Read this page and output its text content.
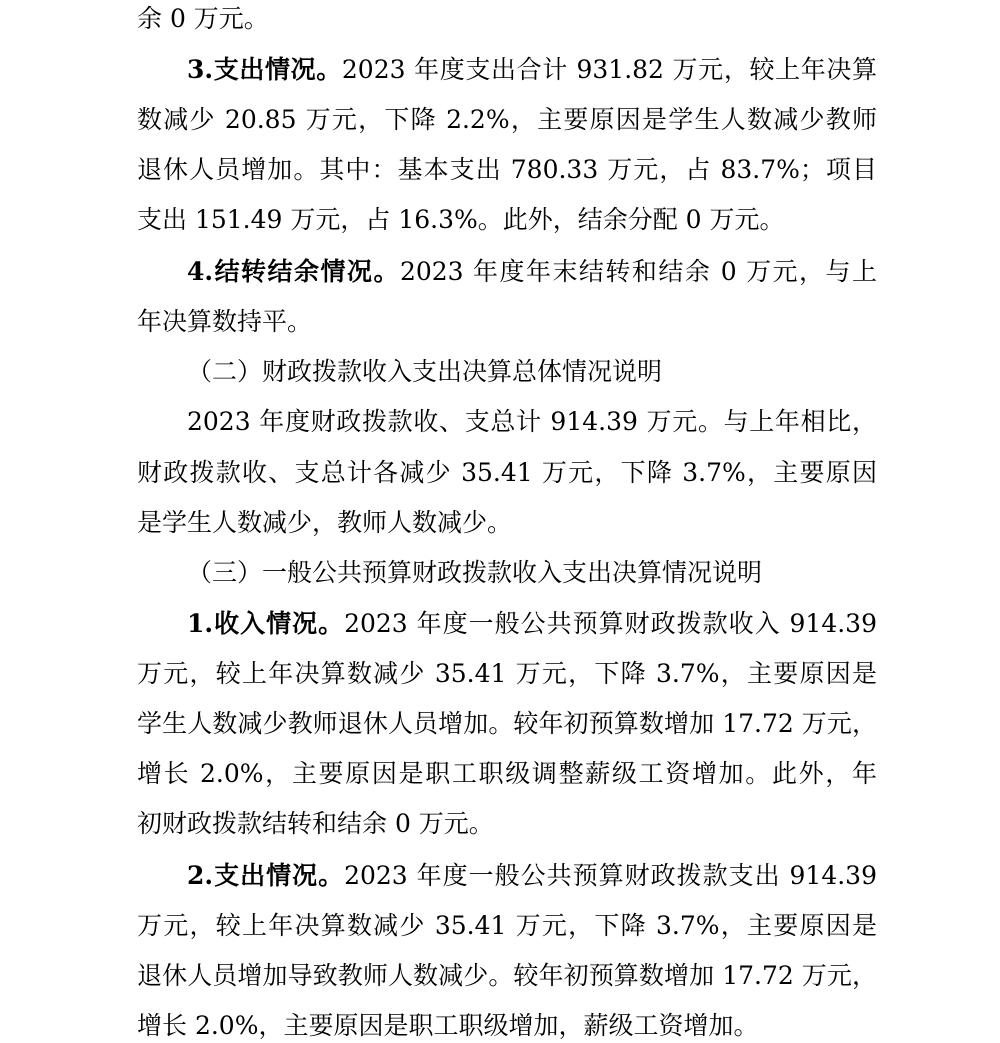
余 0 万元。
3.支出情况。2023 年度支出合计 931.82 万元，较上年决算
数减少 20.85 万元，下降 2.2%，主要原因是学生人数减少教师
退休人员增加。其中：基本支出 780.33 万元，占 83.7%；项目
支出 151.49 万元，占 16.3%。此外，结余分配 0 万元。
4.结转结余情况。2023 年度年末结转和结余 0 万元，与上
年决算数持平。
（二）财政拨款收入支出决算总体情况说明
2023 年度财政拨款收、支总计 914.39 万元。与上年相比，
财政拨款收、支总计各减少 35.41 万元，下降 3.7%，主要原因
是学生人数减少，教师人数减少。
（三）一般公共预算财政拨款收入支出决算情况说明
1.收入情况。2023 年度一般公共预算财政拨款收入 914.39
万元，较上年决算数减少 35.41 万元，下降 3.7%，主要原因是
学生人数减少教师退休人员增加。较年初预算数增加 17.72 万元，
增长 2.0%，主要原因是职工职级调整薪级工资增加。此外，年
初财政拨款结转和结余 0 万元。
2.支出情况。2023 年度一般公共预算财政拨款支出 914.39
万元，较上年决算数减少 35.41 万元，下降 3.7%，主要原因是
退休人员增加导致教师人数减少。较年初预算数增加 17.72 万元，
增长 2.0%，主要原因是职工职级增加，薪级工资增加。
